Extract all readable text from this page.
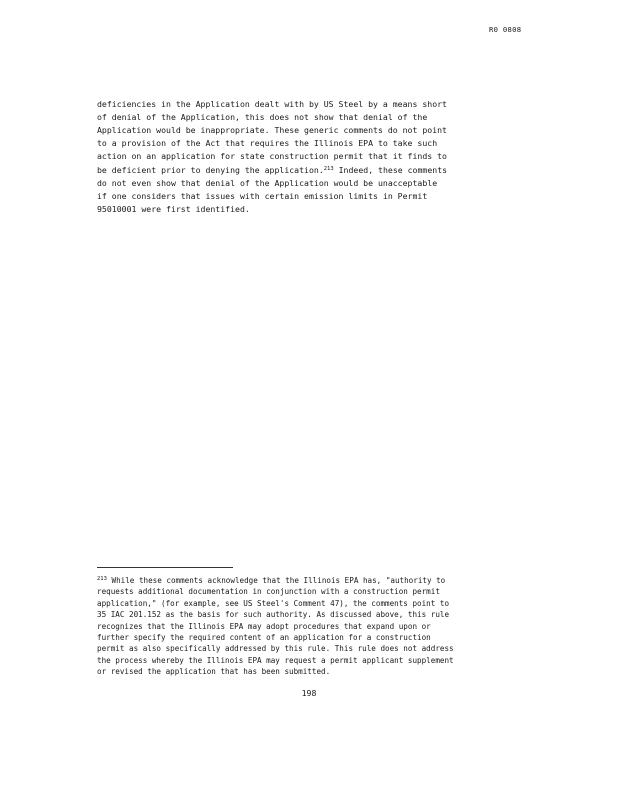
R0 0808
deficiencies in the Application dealt with by US Steel by a means short
of denial of the Application, this does not show that denial of the
Application would be inappropriate. These generic comments do not point
to a provision of the Act that requires the Illinois EPA to take such
action on an application for state construction permit that it finds to
be deficient prior to denying the application.$^{213}$ Indeed, these comments
do not even show that denial of the Application would be unacceptable
if one considers that issues with certain emission limits in Permit
95010001 were first identified.
$^{213}$ While these comments acknowledge that the Illinois EPA has, "authority to
requests additional documentation in conjunction with a construction permit
application," (for example, see US Steel's Comment 47), the comments point to
35 IAC 201.152 as the basis for such authority. As discussed above, this rule
recognizes that the Illinois EPA may adopt procedures that expand upon or
further specify the required content of an application for a construction
permit as also specifically addressed by this rule. This rule does not address
the process whereby the Illinois EPA may request a permit applicant supplement
or revised the application that has been submitted.
198
